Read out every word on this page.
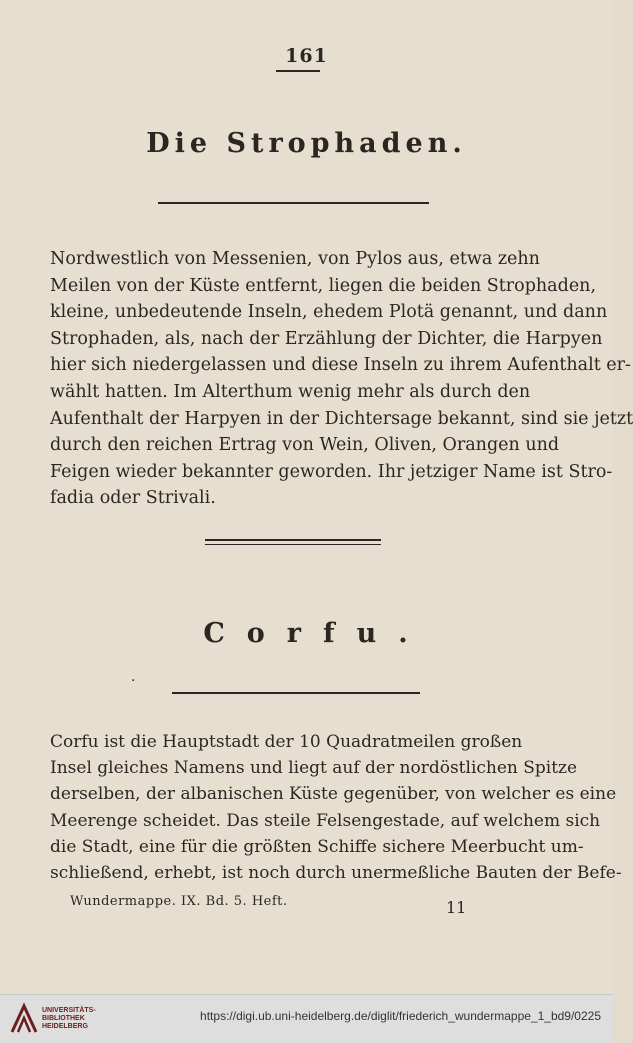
161
Die Strophaden.

Nordwestlich von Messenien, von Pylos aus, etwa zehn

Meilen von der Küste entfernt, liegen die beiden Strophaden,

kleine, unbedeutende Inseln, ehedem Plotä genannt, und dann

Strophaden, als, nach der Erzählung der Dichter, die Harpyen

hier sich niedergelassen und diese Inseln zu ihrem Aufenthalt er-

wählt hatten. Im Alterthum wenig mehr als durch den

Aufenthalt der Harpyen in der Dichtersage bekannt, sind sie jetzt

durch den reichen Ertrag von Wein, Oliven, Orangen und

Feigen wieder bekannter geworden. Ihr jetziger Name ist Stro-

fadia oder Strivali.

Corfu.
·

Corfu ist die Hauptstadt der 10 Quadratmeilen großen

Insel gleiches Namens und liegt auf der nordöstlichen Spitze

derselben, der albanischen Küste gegenüber, von welcher es eine

Meerenge scheidet. Das steile Felsengestade, auf welchem sich

die Stadt, eine für die größten Schiffe sichere Meerbucht um-

schließend, erhebt, ist noch durch unermeßliche Bauten der Befe-

Wundermappe. IX. Bd. 5. Heft.	11
UNIVERSITÄTS-
BIBLIOTHEK
HEIDELBERG
https://digi.ub.uni-heidelberg.de/diglit/friederich_wundermappe_1_bd9/0225
